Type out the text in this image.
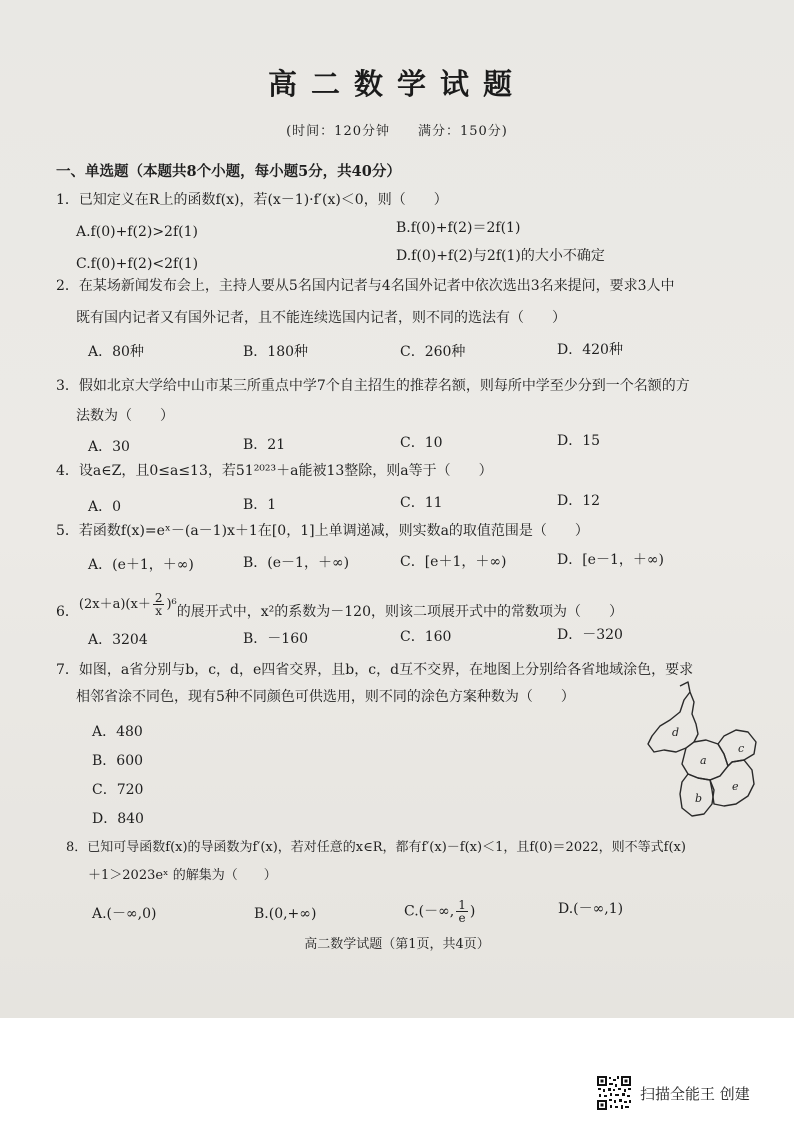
高二数学试题
(时间：120分钟　　满分：150分)
一、单选题（本题共8个小题，每小题5分，共40分）
1．已知定义在R上的函数f(x)，若(x－1)·f′(x)＜0，则（　　）
A.f(0)+f(2)>2f(1)	B.f(0)+f(2)＝2f(1)
C.f(0)+f(2)<2f(1)	D.f(0)+f(2)与2f(1)的大小不确定
2．在某场新闻发布会上，主持人要从5名国内记者与4名国外记者中依次选出3名来提问，要求3人中
既有国内记者又有国外记者，且不能连续选国内记者，则不同的选法有（　　）
A．80种	B．180种	C．260种	D．420种
3．假如北京大学给中山市某三所重点中学7个自主招生的推荐名额，则每所中学至少分到一个名额的方
法数为（　　）
A．30	B．21	C．10	D．15
4．设a∈Z，且0≤a≤13，若51²⁰²³＋a能被13整除，则a等于（　　）
A．0	B．1	C．11	D．12
5．若函数f(x)=eˣ－(a－1)x＋1在[0，1]上单调递减，则实数a的取值范围是（　　）
A．(e＋1，＋∞)	B．(e－1，＋∞)	C．[e＋1，＋∞)	D．[e－1，＋∞)
6．$(2x+a)(x+ \frac{2}{x} )^6$的展开式中，x²的系数为－120，则该二项展开式中的常数项为（　　）
A．3204	B．－160	C．160	D．－320
7．如图，a省分别与b，c，d，e四省交界，且b，c，d互不交界，在地图上分别给各省地域涂色，要求
相邻省涂不同色，现有5种不同颜色可供选用，则不同的涂色方案种数为（　　）
A．480
B．600
C．720
D．840
d
a
c
b
e
8．已知可导函数f(x)的导函数为f′(x)，若对任意的x∈R，都有f′(x)－f(x)＜1，且f(0)＝2022，则不等式f(x)
＋1＞2023eˣ 的解集为（　　）
A.(－∞,0)	B.(0,+∞)	C.(－∞, $\frac{1}{e}$ )	D.(－∞,1)
高二数学试题（第1页，共4页）
扫描全能王 创建
